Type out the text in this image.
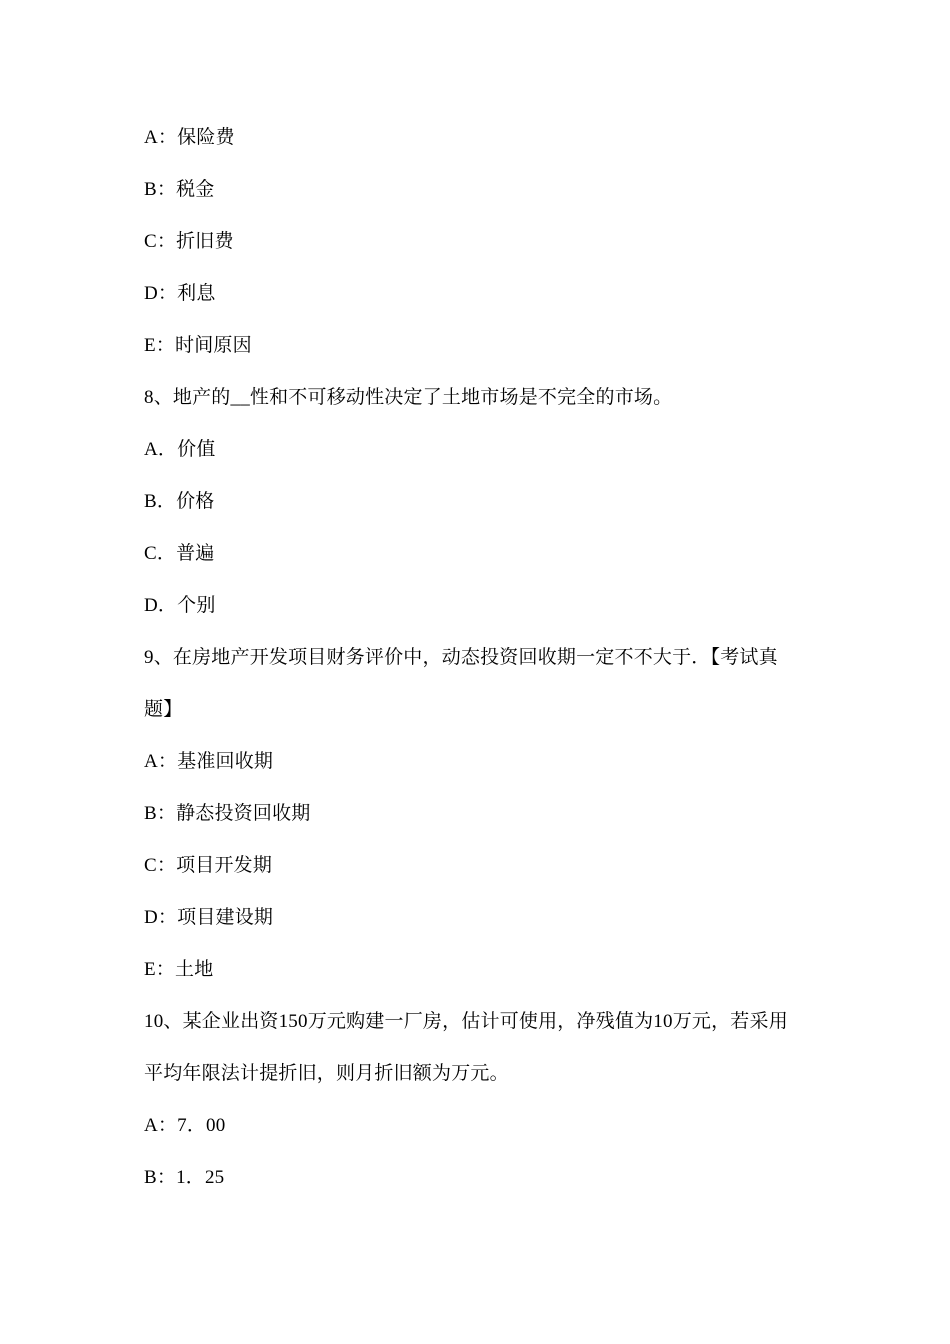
A：保险费
B：税金
C：折旧费
D：利息
E：时间原因
8、地产的__性和不可移动性决定了土地市场是不完全的市场。
A．价值
B．价格
C．普遍
D．个别
9、在房地产开发项目财务评价中，动态投资回收期一定不不大于．【考试真
题】
A：基准回收期
B：静态投资回收期
C：项目开发期
D：项目建设期
E：土地
10、某企业出资150万元购建一厂房，估计可使用，净残值为10万元，若采用
平均年限法计提折旧，则月折旧额为万元。
A：7．00
B：1．25
